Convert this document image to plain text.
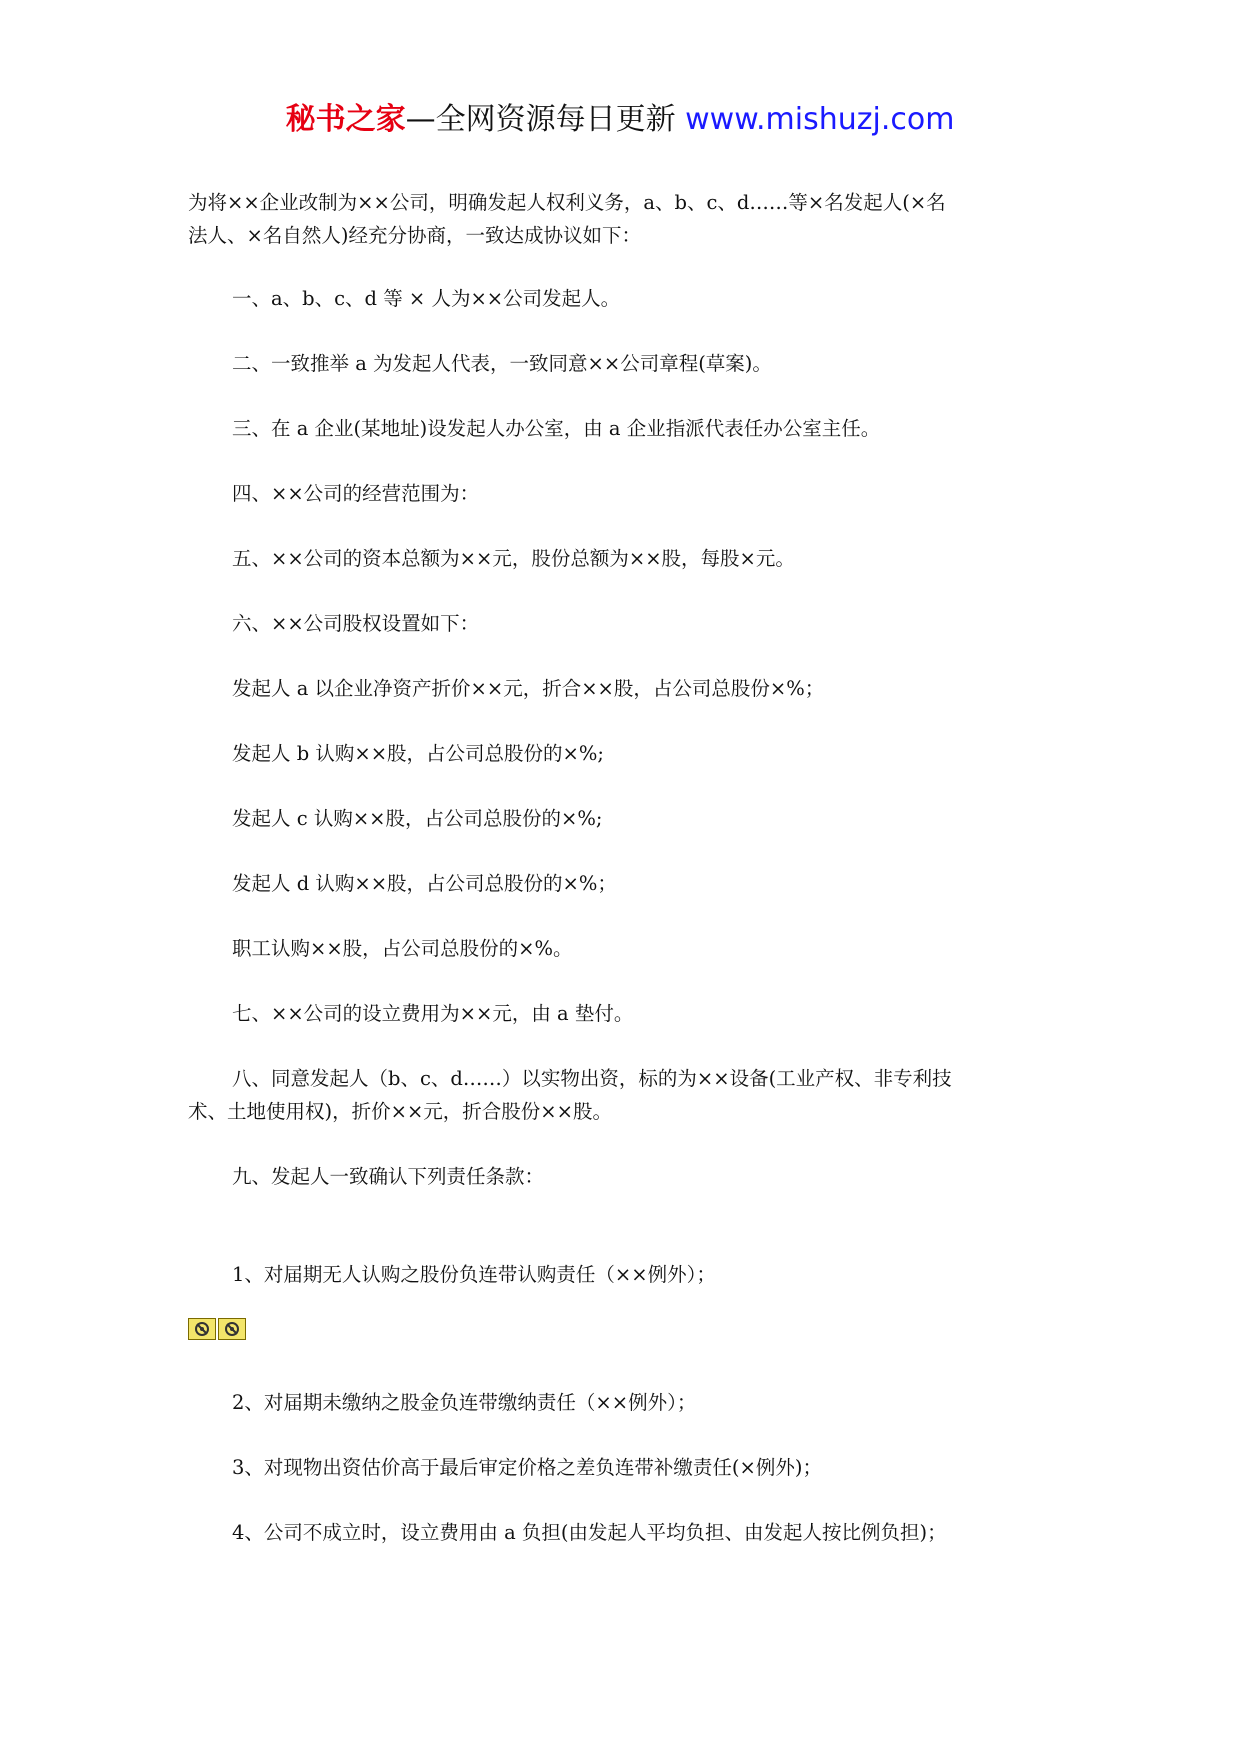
秘书之家—全网资源每日更新 www.mishuzj.com
为将××企业改制为××公司，明确发起人权利义务，a、b、c、d……等×名发起人(×名
法人、×名自然人)经充分协商，一致达成协议如下：
一、a、b、c、d 等 × 人为××公司发起人。
二、一致推举 a 为发起人代表，一致同意××公司章程(草案)。
三、在 a 企业(某地址)设发起人办公室，由 a 企业指派代表任办公室主任。
四、××公司的经营范围为：
五、××公司的资本总额为××元，股份总额为××股，每股×元。
六、××公司股权设置如下：
发起人 a 以企业净资产折价××元，折合××股，占公司总股份×%；
发起人 b 认购××股，占公司总股份的×%;
发起人 c 认购××股，占公司总股份的×%;
发起人 d 认购××股，占公司总股份的×%；
职工认购××股，占公司总股份的×%。
七、××公司的设立费用为××元，由 a 垫付。
八、同意发起人（b、c、d……）以实物出资，标的为××设备(工业产权、非专利技
术、土地使用权)，折价××元，折合股份××股。
九、发起人一致确认下列责任条款：
1、对届期无人认购之股份负连带认购责任（××例外）；
2、对届期未缴纳之股金负连带缴纳责任（××例外）；
3、对现物出资估价高于最后审定价格之差负连带补缴责任(×例外)；
4、公司不成立时，设立费用由 a 负担(由发起人平均负担、由发起人按比例负担)；
